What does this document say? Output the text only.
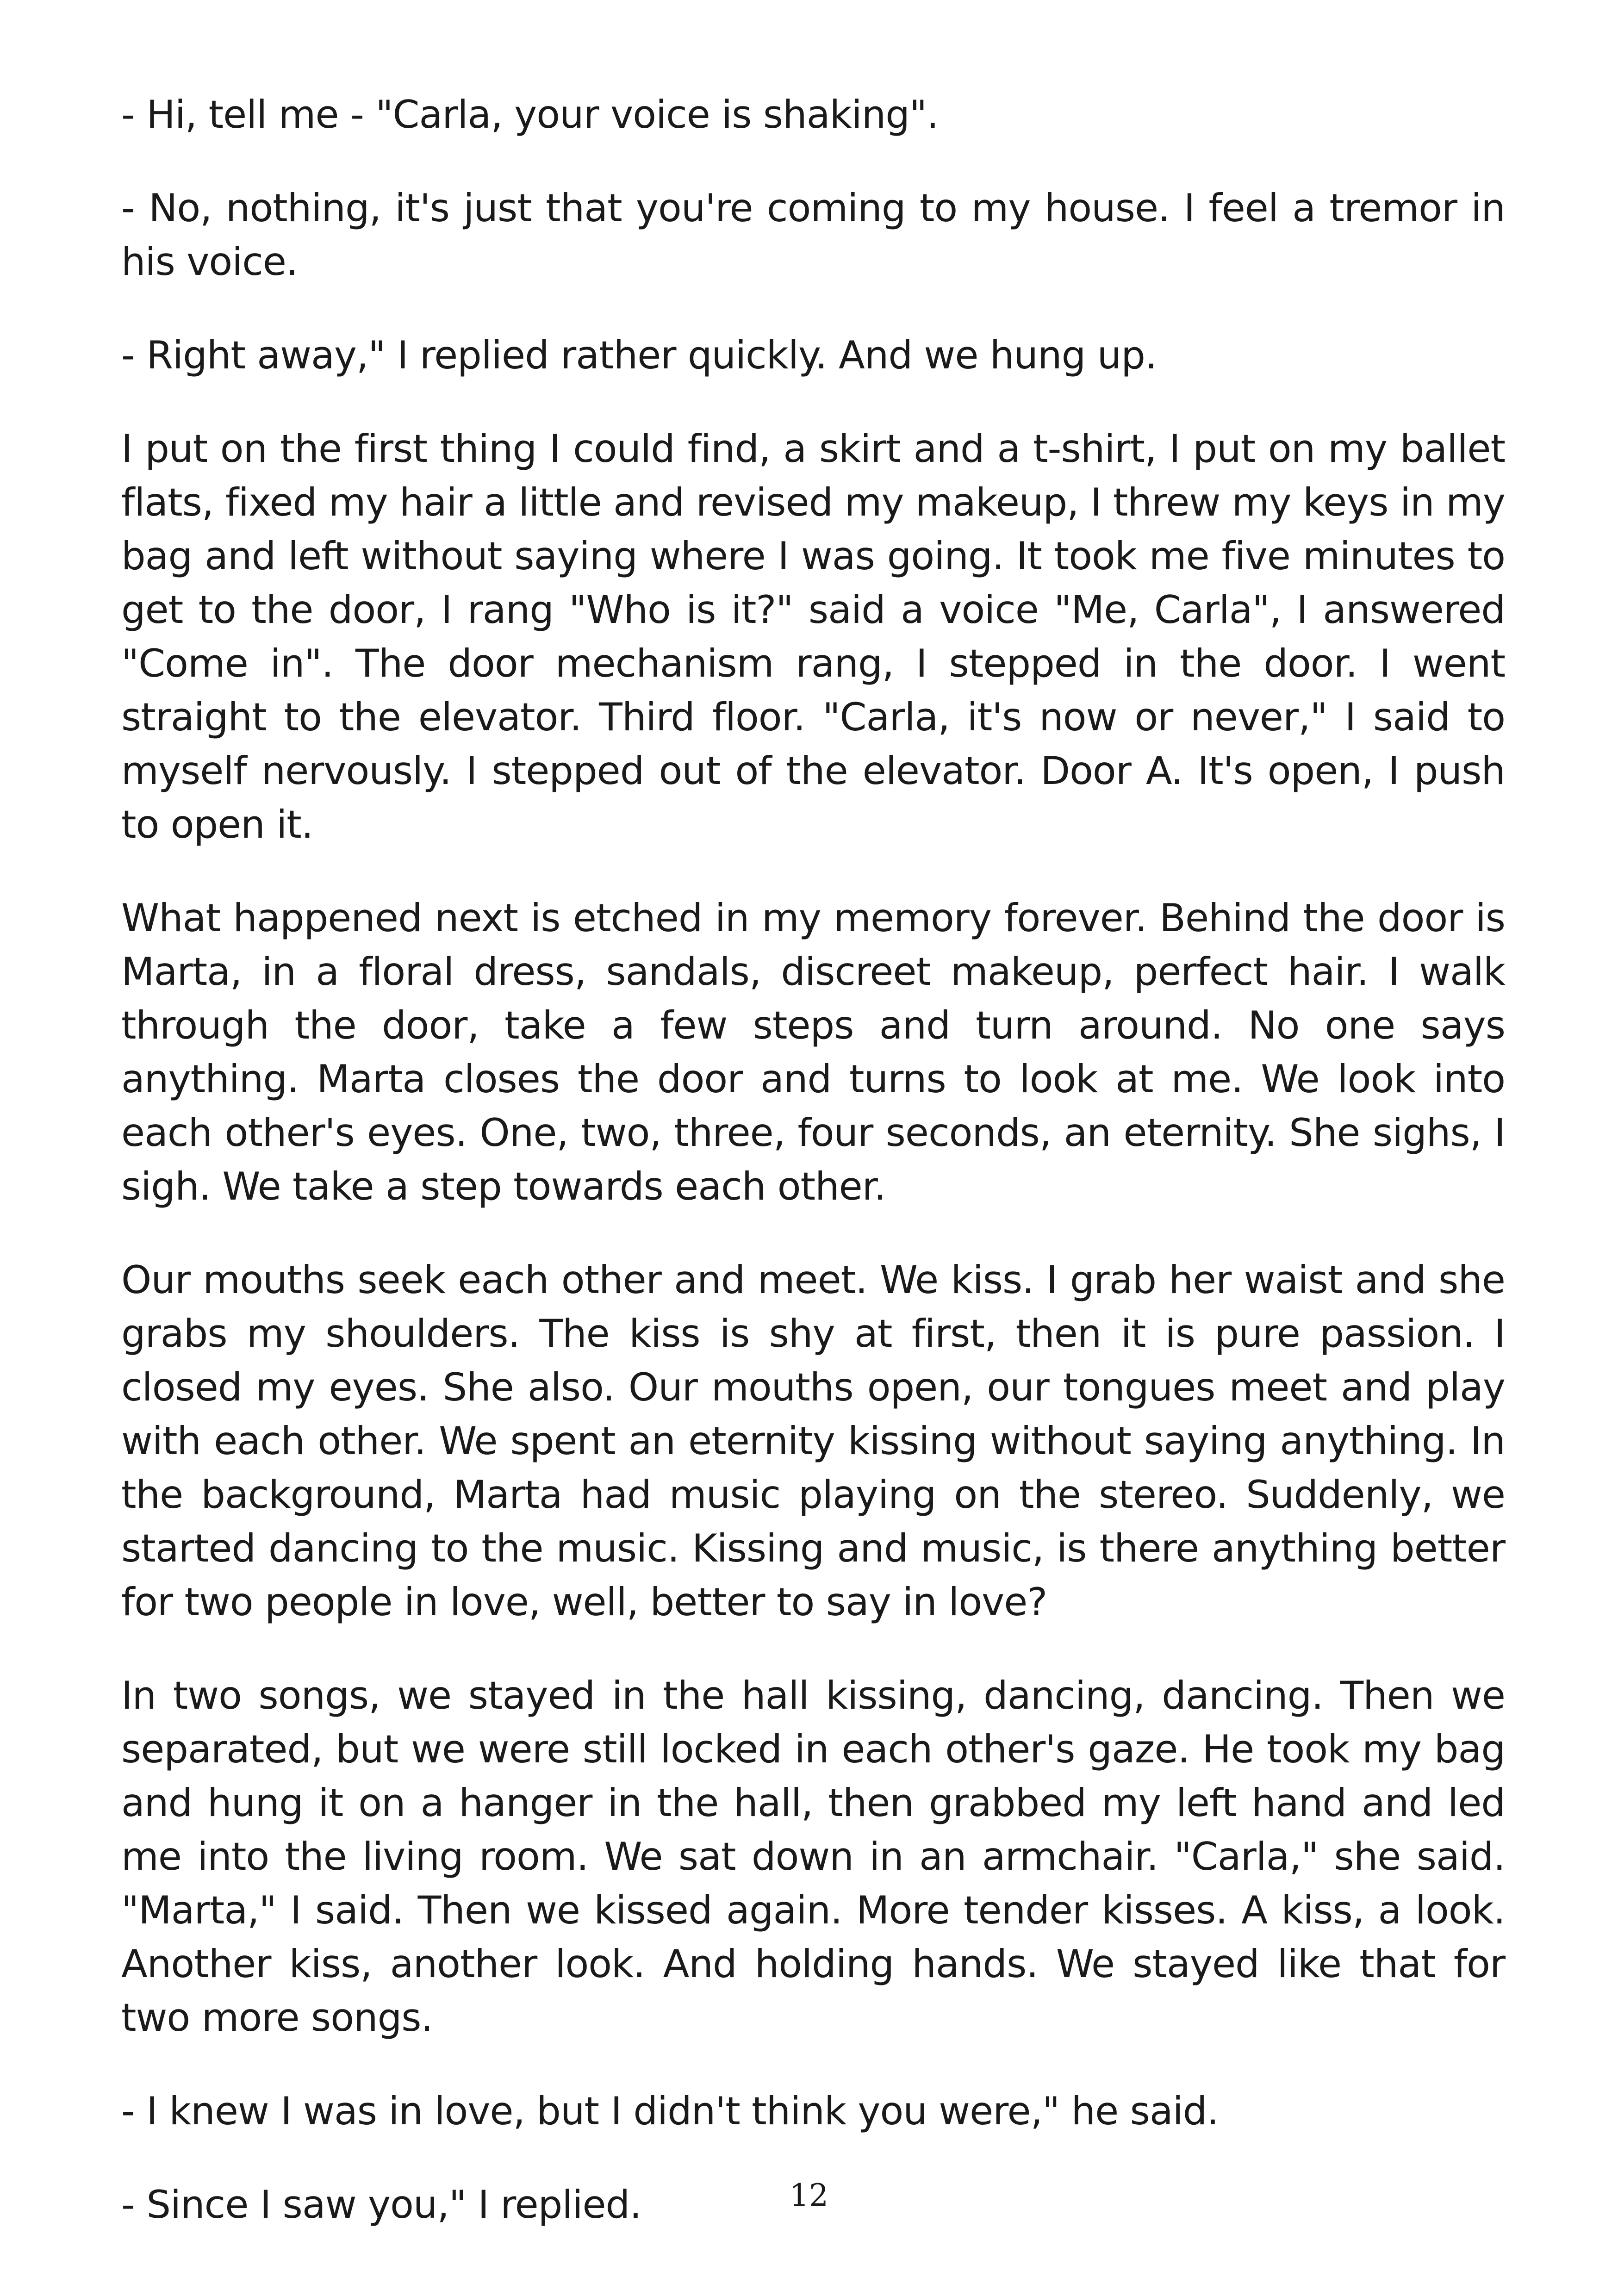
- Hi, tell me - "Carla, your voice is shaking".

- No, nothing, it's just that you're coming to my house. I feel a tremor in his voice.

- Right away," I replied rather quickly. And we hung up.

I put on the first thing I could find, a skirt and a t-shirt, I put on my ballet flats, fixed my hair a little and revised my makeup, I threw my keys in my bag and left without saying where I was going. It took me five minutes to get to the door, I rang "Who is it?" said a voice "Me, Carla", I answered "Come in". The door mechanism rang, I stepped in the door. I went straight to the elevator. Third floor. "Carla, it's now or never," I said to myself nervously. I stepped out of the elevator. Door A. It's open, I push to open it.

What happened next is etched in my memory forever. Behind the door is Marta, in a floral dress, sandals, discreet makeup, perfect hair. I walk through the door, take a few steps and turn around. No one says anything. Marta closes the door and turns to look at me. We look into each other's eyes. One, two, three, four seconds, an eternity. She sighs, I sigh. We take a step towards each other.

Our mouths seek each other and meet. We kiss. I grab her waist and she grabs my shoulders. The kiss is shy at first, then it is pure passion. I closed my eyes. She also. Our mouths open, our tongues meet and play with each other. We spent an eternity kissing without saying anything. In the background, Marta had music playing on the stereo. Suddenly, we started dancing to the music. Kissing and music, is there anything better for two people in love, well, better to say in love?

In two songs, we stayed in the hall kissing, dancing, dancing. Then we separated, but we were still locked in each other's gaze. He took my bag and hung it on a hanger in the hall, then grabbed my left hand and led me into the living room. We sat down in an armchair. "Carla," she said. "Marta," I said. Then we kissed again. More tender kisses. A kiss, a look. Another kiss, another look. And holding hands. We stayed like that for two more songs.

- I knew I was in love, but I didn't think you were," he said.

- Since I saw you," I replied.	12
